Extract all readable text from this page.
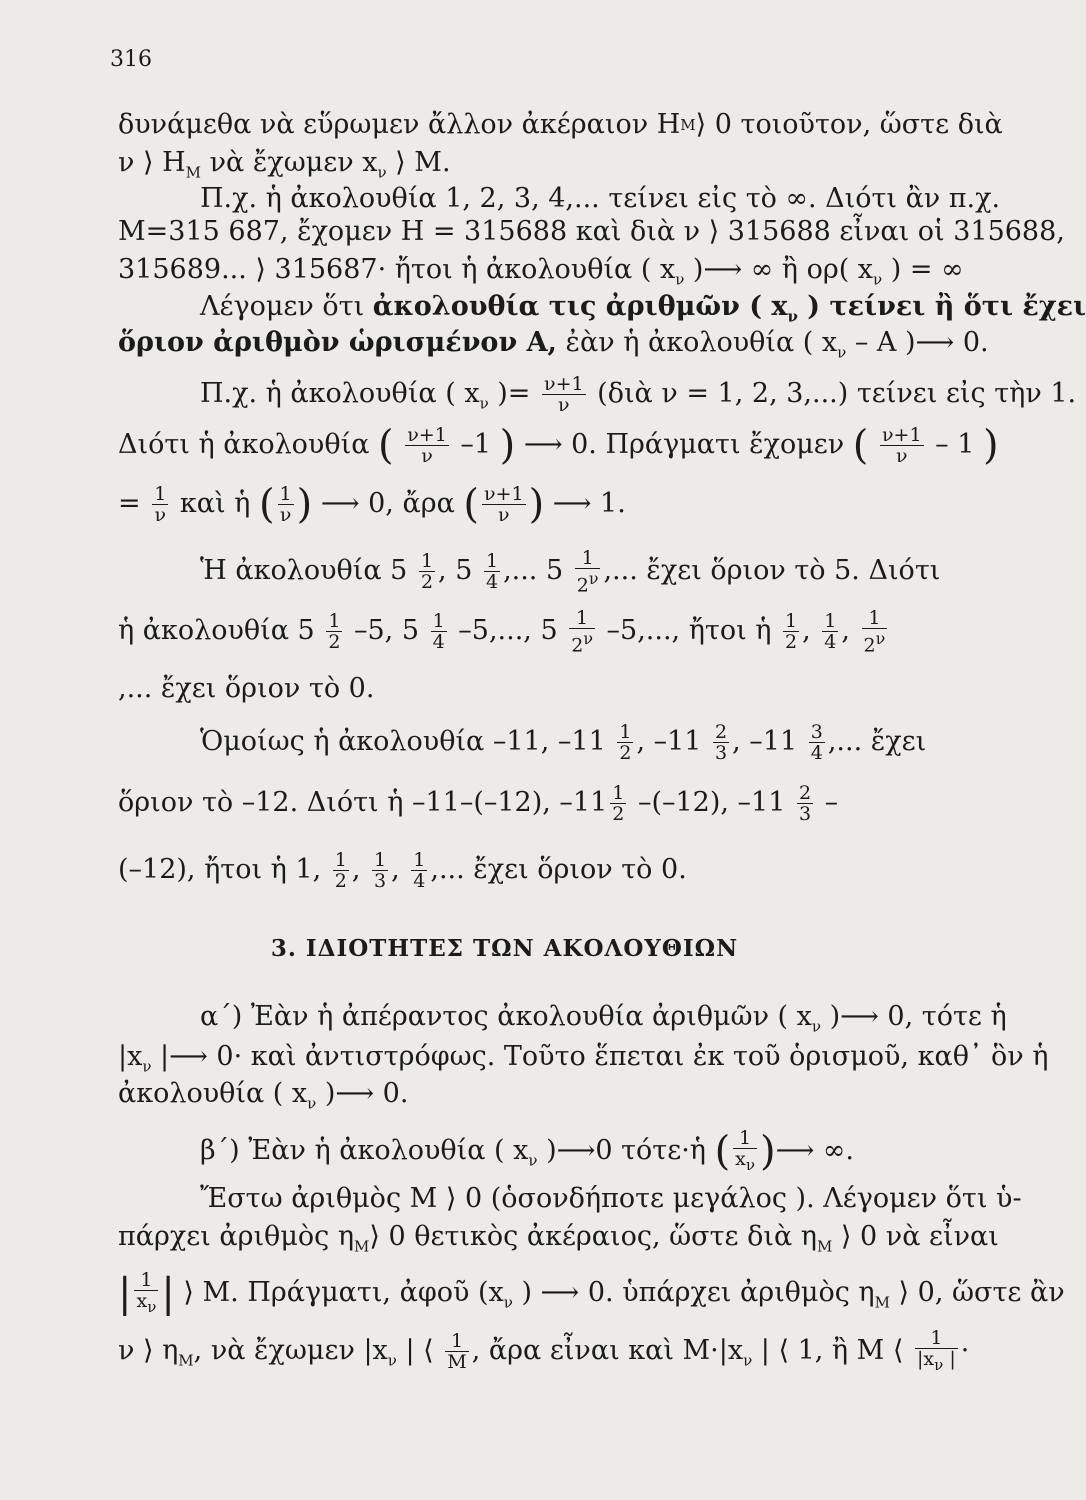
316
δυνάμεθα νὰ εὕρωμεν ἄλλον ἀκέραιον H M ⟩ 0 τοιοῦτον, ὥστε διὰ
ν ⟩ $H_M$ νὰ ἔχωμεν $x_\nu$ ⟩ M.
Π.χ. ἡ ἀκολουθία 1, 2, 3, 4,... τείνει εἰς τὸ ∞. Διότι ἂν π.χ.
M=315 687, ἔχομεν H = 315688 καὶ διὰ ν ⟩ 315688 εἶναι οἱ 315688,
315689... ⟩ 315687· ἤτοι ἡ ἀκολουθία ( $x_\nu$ )⟶ ∞ ἢ ορ( $x_\nu$ ) = ∞
Λέγομεν ὅτι ἀκολουθία τις ἀριθμῶν ( $x_\nu$ ) τείνει ἢ ὅτι ἔχει
ὅριον ἀριθμὸν ὡρισμένον A, ἐὰν ἡ ἀκολουθία ( $x_\nu$ – A )⟶ 0.
Π.χ. ἡ ἀκολουθία ( $x_\nu$ )= $\frac{\nu+1}{\nu}$ (διὰ ν = 1, 2, 3,...) τείνει εἰς τὴν 1.
Διότι ἡ ἀκολουθία ( $\frac{\nu+1}{\nu} -1$ ) ⟶ 0. Πράγματι ἔχομεν ( $\frac{\nu+1}{\nu} - 1$ )
= $\frac{1}{\nu}$ καὶ ἡ ( $\frac{1}{\nu}$ ) ⟶ 0, ἄρα ( $\frac{\nu+1}{\nu}$ ) ⟶ 1.
Ἡ ἀκολουθία $5 \frac{1}{2}$ , $5 \frac{1}{4}$ ,... $5 \frac{1}{2^\nu}$ ,... ἔχει ὅριον τὸ 5. Διότι
ἡ ἀκολουθία $5 \frac{1}{2} -5$, $5 \frac{1}{4} -5$,..., $5 \frac{1}{2^\nu} -5$,..., ἤτοι ἡ $\frac{1}{2}$ , $\frac{1}{4}$ , $\frac{1}{2^\nu}$
,... ἔχει ὅριον τὸ 0.
Ὁμοίως ἡ ἀκολουθία –11, $-11 \frac{1}{2}$ , $-11 \frac{2}{3}$ , $-11 \frac{3}{4}$ ,... ἔχει
ὅριον τὸ –12. Διότι ἡ –11–(–12), $-11 \frac{1}{2} -(-12)$, $-11 \frac{2}{3}$ –
(–12), ἤτοι ἡ 1, $\frac{1}{2}$ , $\frac{1}{3}$ , $\frac{1}{4}$ ,... ἔχει ὅριον τὸ 0.
3. ΙΔΙΟΤΗΤΕΣ ΤΩΝ ΑΚΟΛΟΥΘΙΩΝ
α΄) Ἐὰν ἡ ἀπέραντος ἀκολουθία ἀριθμῶν ( $x_\nu$ )⟶ 0, τότε ἡ
$|x_\nu$ |⟶ 0· καὶ ἀντιστρόφως. Τοῦτο ἕπεται ἐκ τοῦ ὁρισμοῦ, καθ᾽ ὃν ἡ
ἀκολουθία ( $x_\nu$ )⟶ 0.
β΄) Ἐὰν ἡ ἀκολουθία ( $x_\nu$ )⟶0 τότε·ἡ ( $\frac{1}{x_\nu}$ )⟶ ∞.
Ἔστω ἀριθμὸς M ⟩ 0 (ὁσονδήποτε μεγάλος ). Λέγομεν ὅτι ὑ-
πάρχει ἀριθμὸς $\eta_M⟩$ 0 θετικὸς ἀκέραιος, ὥστε διὰ $\eta_M$ ⟩ 0 νὰ εἶναι
| $\frac{1}{x_\nu}$ | ⟩ M. Πράγματι, ἀφοῦ ($x_\nu$ ) ⟶ 0. ὑπάρχει ἀριθμὸς $\eta_M$ ⟩ 0, ὥστε ἂν
ν ⟩ $\eta_M$, νὰ ἔχωμεν $|x_\nu$ | ⟨ $\frac{1}{M}$ , ἄρα εἶναι καὶ $M\cdot|x_\nu$ | ⟨ 1, ἢ M ⟨ $\frac{1}{|x_\nu |}$ ·
